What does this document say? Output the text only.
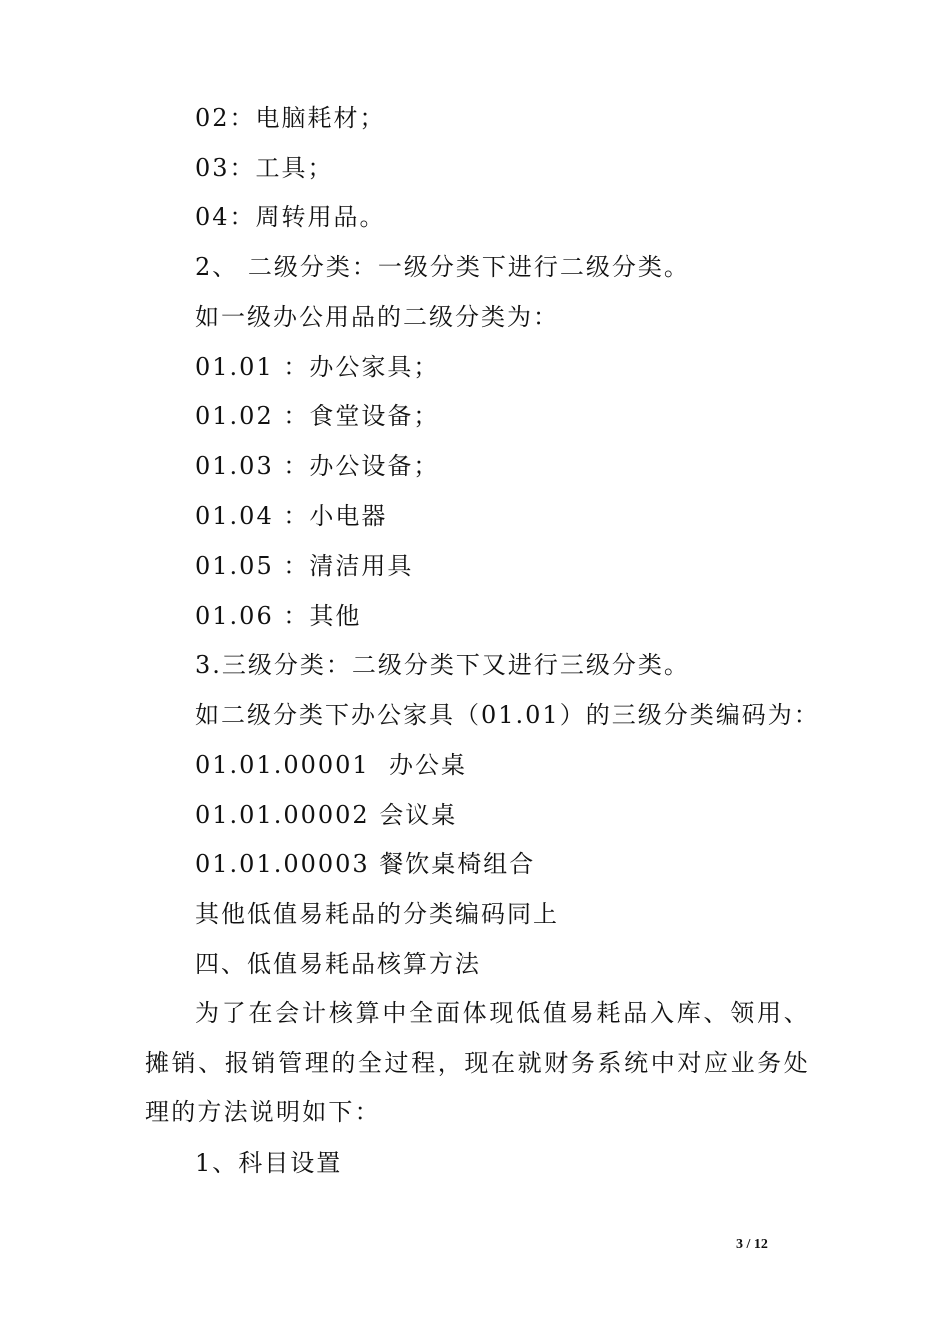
02：电脑耗材；
03：工具；
04：周转用品。
2、 二级分类：一级分类下进行二级分类。
如一级办公用品的二级分类为：
01.01 ：办公家具；
01.02 ：食堂设备；
01.03 ：办公设备；
01.04 ：小电器
01.05 ：清洁用具
01.06 ：其他
3.三级分类：二级分类下又进行三级分类。
如二级分类下办公家具（01.01）的三级分类编码为：
01.01.00001  办公桌
01.01.00002 会议桌
01.01.00003 餐饮桌椅组合
其他低值易耗品的分类编码同上
四、低值易耗品核算方法
为了在会计核算中全面体现低值易耗品入库、领用、摊销、报销管理的全过程，现在就财务系统中对应业务处理的方法说明如下：
1、科目设置
3 / 12
